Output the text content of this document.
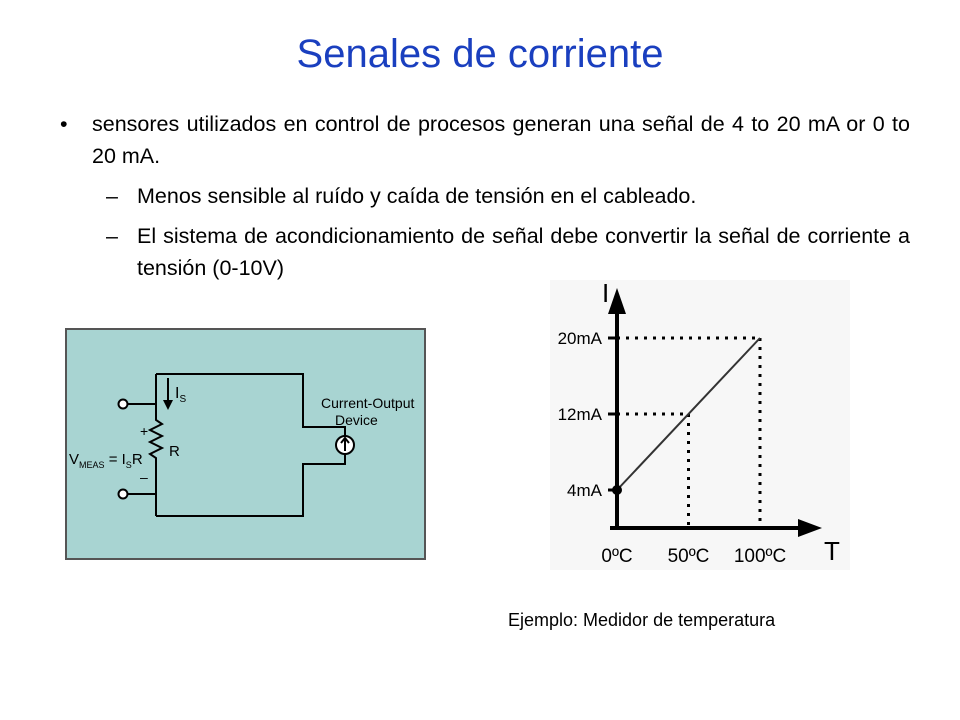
Senales de corriente
• sensores utilizados en control de procesos generan una señal de 4 to 20 mA or 0 to 20 mA.
– Menos sensible al ruído y caída de tensión en el cableado.
– El sistema de acondicionamiento de señal debe convertir la señal de corriente a tensión (0-10V)
$I_S$
R
+
–
$V_{MEAS} = I_SR$
Current-Output
Device
I
T
4mA
12mA
20mA
0ºC 50ºC 100ºC
Ejemplo: Medidor de temperatura
